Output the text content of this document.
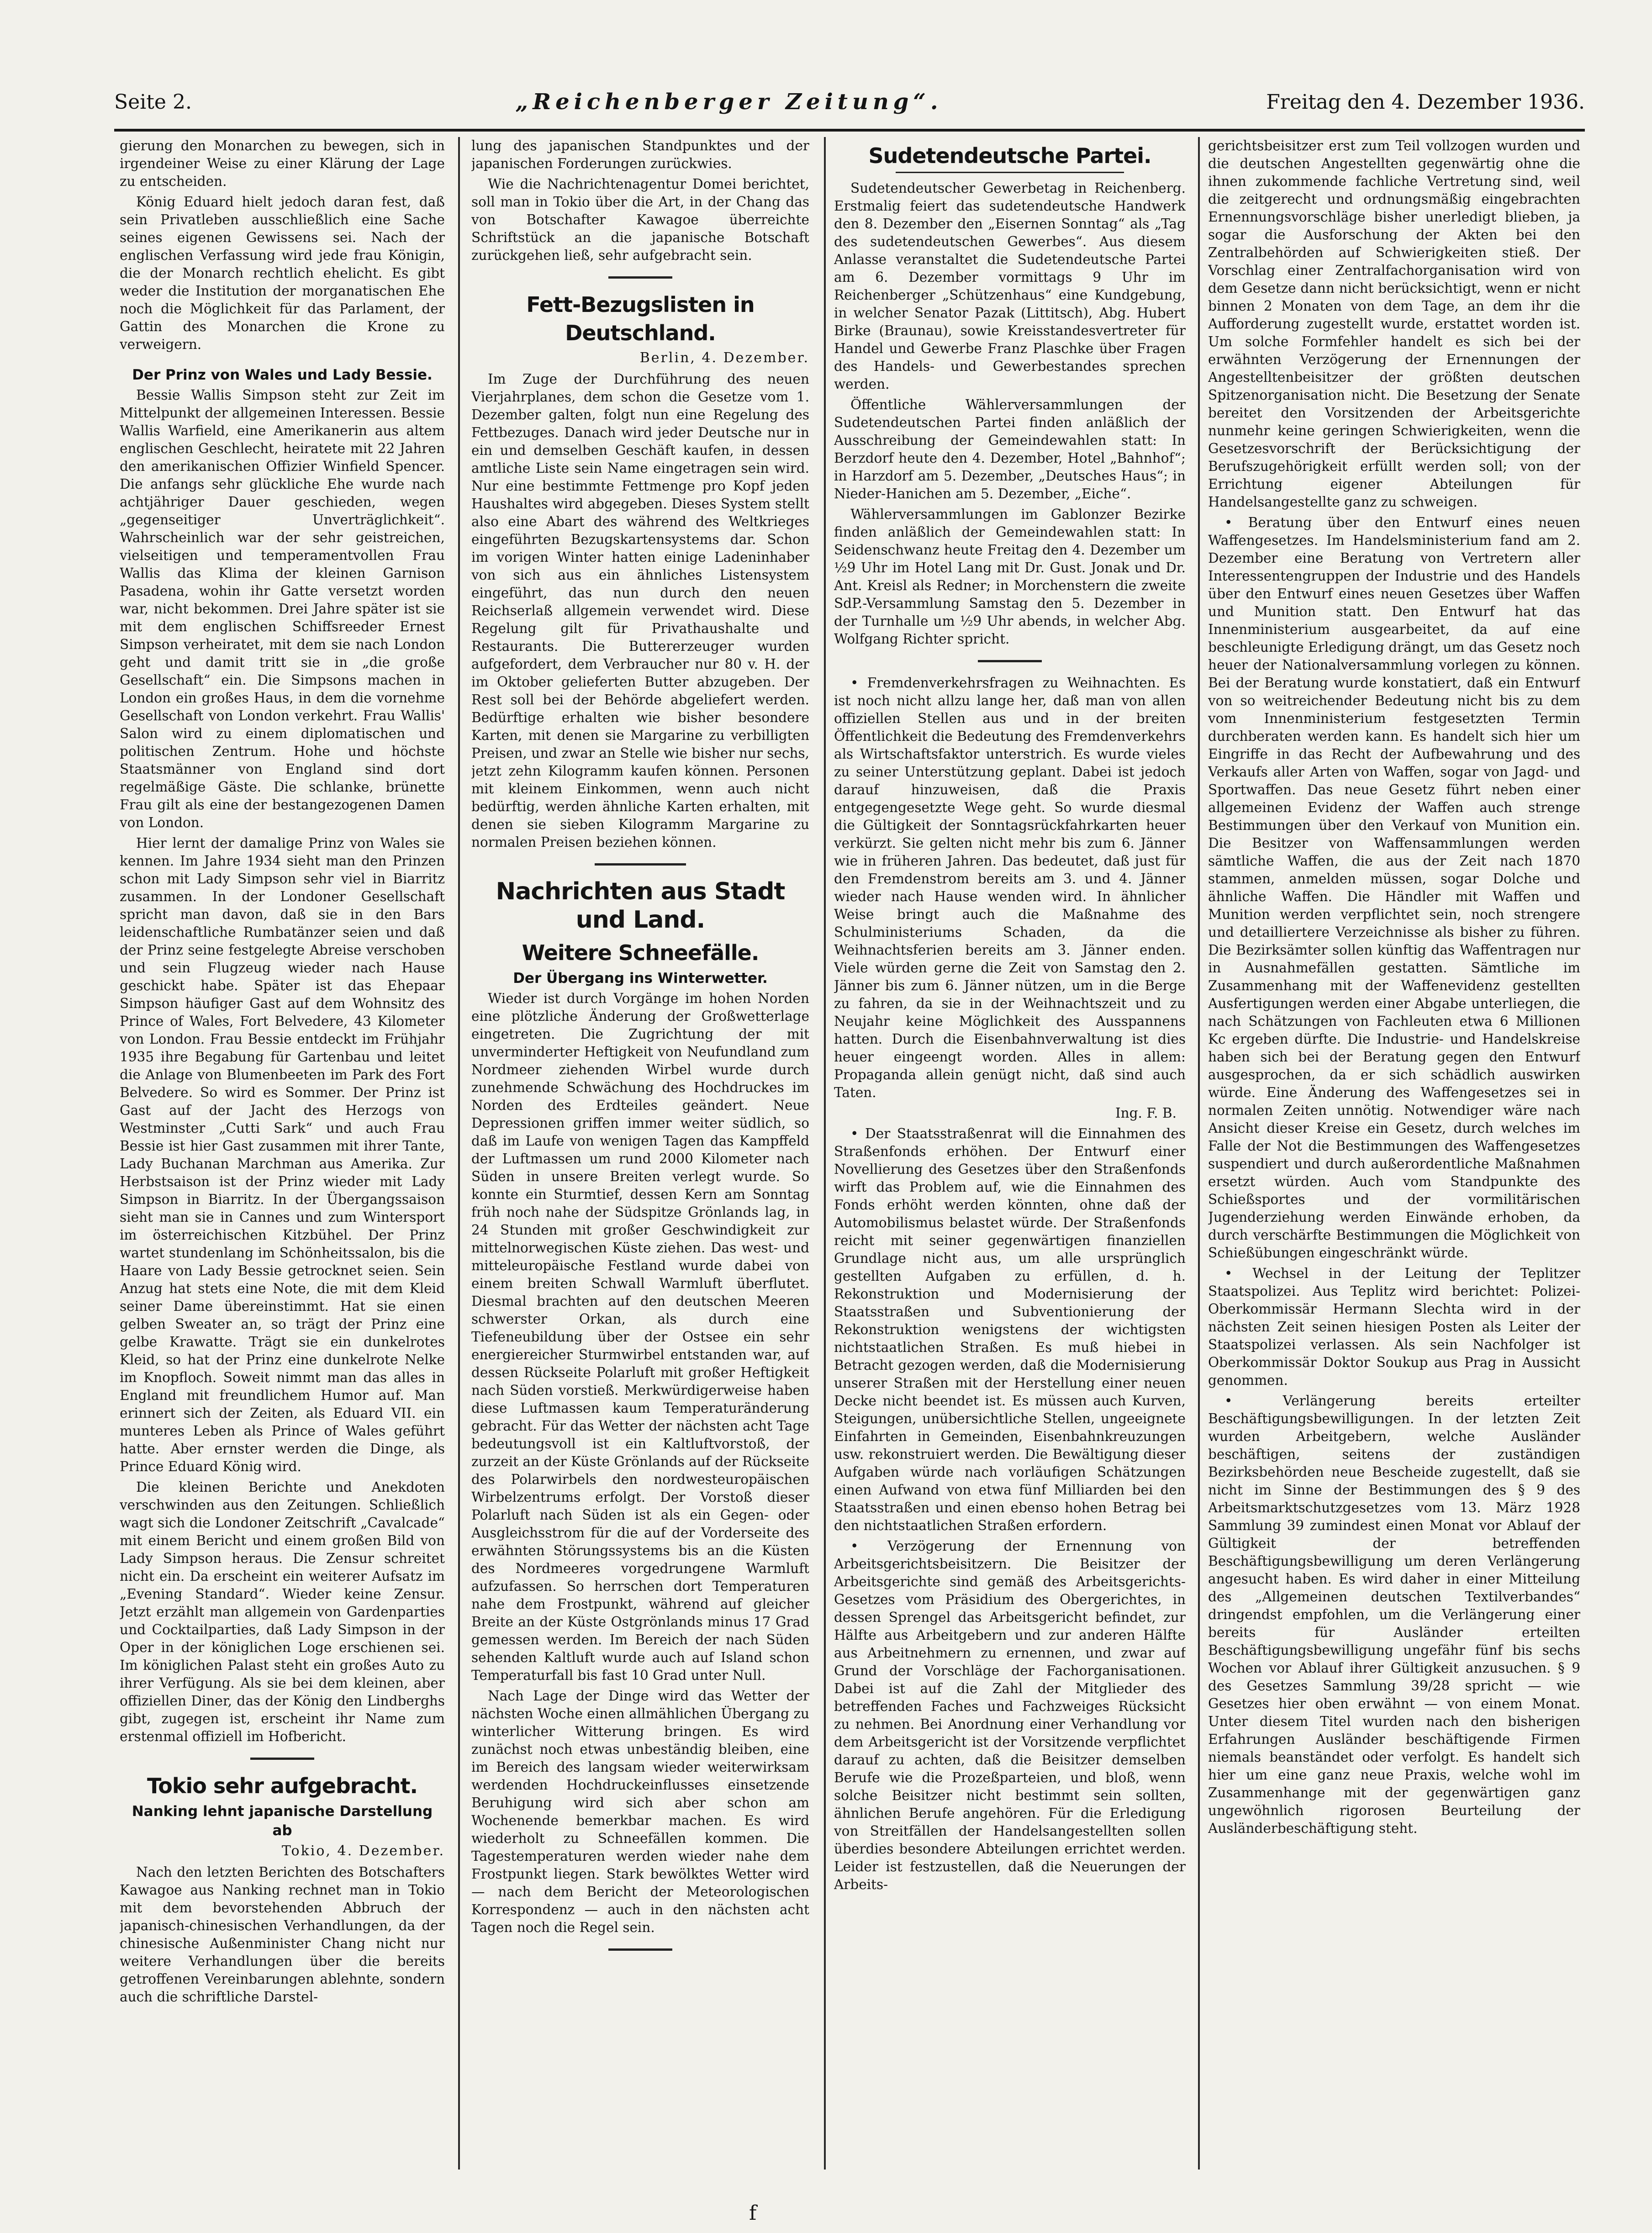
Seite 2.	„Reichenberger Zeitung“.	Freitag den 4. Dezember 1936.

gierung den Monarchen zu bewegen, sich in irgendeiner Weise zu einer Klärung der Lage zu entscheiden.

König Eduard hielt jedoch daran fest, daß sein Privatleben ausschließlich eine Sache seines eigenen Gewissens sei. Nach der englischen Verfassung wird jede frau Königin, die der Monarch rechtlich ehelicht. Es gibt weder die Institution der morganatischen Ehe noch die Möglichkeit für das Parlament, der Gattin des Monarchen die Krone zu verweigern.

Der Prinz von Wales und Lady Bessie.

Bessie Wallis Simpson steht zur Zeit im Mittelpunkt der allgemeinen Interessen. Bessie Wallis Warfield, eine Amerikanerin aus altem englischen Geschlecht, heiratete mit 22 Jahren den amerikanischen Offizier Winfield Spencer. Die anfangs sehr glückliche Ehe wurde nach achtjähriger Dauer geschieden, wegen „gegenseitiger Unverträglichkeit“. Wahrscheinlich war der sehr geistreichen, vielseitigen und temperamentvollen Frau Wallis das Klima der kleinen Garnison Pasadena, wohin ihr Gatte versetzt worden war, nicht bekommen. Drei Jahre später ist sie mit dem englischen Schiffsreeder Ernest Simpson verheiratet, mit dem sie nach London geht und damit tritt sie in „die große Gesellschaft“ ein. Die Simpsons machen in London ein großes Haus, in dem die vornehme Gesellschaft von London verkehrt. Frau Wallis' Salon wird zu einem diplomatischen und politischen Zentrum. Hohe und höchste Staatsmänner von England sind dort regelmäßige Gäste. Die schlanke, brünette Frau gilt als eine der bestangezogenen Damen von London.

Hier lernt der damalige Prinz von Wales sie kennen. Im Jahre 1934 sieht man den Prinzen schon mit Lady Simpson sehr viel in Biarritz zusammen. In der Londoner Gesellschaft spricht man davon, daß sie in den Bars leidenschaftliche Rumbatänzer seien und daß der Prinz seine festgelegte Abreise verschoben und sein Flugzeug wieder nach Hause geschickt habe. Später ist das Ehepaar Simpson häufiger Gast auf dem Wohnsitz des Prince of Wales, Fort Belvedere, 43 Kilometer von London. Frau Bessie entdeckt im Frühjahr 1935 ihre Begabung für Gartenbau und leitet die Anlage von Blumenbeeten im Park des Fort Belvedere. So wird es Sommer. Der Prinz ist Gast auf der Jacht des Herzogs von Westminster „Cutti Sark“ und auch Frau Bessie ist hier Gast zusammen mit ihrer Tante, Lady Buchanan Marchman aus Amerika. Zur Herbstsaison ist der Prinz wieder mit Lady Simpson in Biarritz. In der Übergangssaison sieht man sie in Cannes und zum Wintersport im österreichischen Kitzbühel. Der Prinz wartet stundenlang im Schönheitssalon, bis die Haare von Lady Bessie getrocknet seien. Sein Anzug hat stets eine Note, die mit dem Kleid seiner Dame übereinstimmt. Hat sie einen gelben Sweater an, so trägt der Prinz eine gelbe Krawatte. Trägt sie ein dunkelrotes Kleid, so hat der Prinz eine dunkelrote Nelke im Knopfloch. Soweit nimmt man das alles in England mit freundlichem Humor auf. Man erinnert sich der Zeiten, als Eduard VII. ein munteres Leben als Prince of Wales geführt hatte. Aber ernster werden die Dinge, als Prince Eduard König wird.

Die kleinen Berichte und Anekdoten verschwinden aus den Zeitungen. Schließlich wagt sich die Londoner Zeitschrift „Cavalcade“ mit einem Bericht und einem großen Bild von Lady Simpson heraus. Die Zensur schreitet nicht ein. Da erscheint ein weiterer Aufsatz im „Evening Standard“. Wieder keine Zensur. Jetzt erzählt man allgemein von Gardenparties und Cocktailparties, daß Lady Simpson in der Oper in der königlichen Loge erschienen sei. Im königlichen Palast steht ein großes Auto zu ihrer Verfügung. Als sie bei dem kleinen, aber offiziellen Diner, das der König den Lindberghs gibt, zugegen ist, erscheint ihr Name zum erstenmal offiziell im Hofbericht.

Tokio sehr aufgebracht.
Nanking lehnt japanische Darstellung ab
Tokio, 4. Dezember.

Nach den letzten Berichten des Botschafters Kawagoe aus Nanking rechnet man in Tokio mit dem bevorstehenden Abbruch der japanisch-chinesischen Verhandlungen, da der chinesische Außenminister Chang nicht nur weitere Verhandlungen über die bereits getroffenen Vereinbarungen ablehnte, sondern auch die schriftliche Darstel-

lung des japanischen Standpunktes und der japanischen Forderungen zurückwies.

Wie die Nachrichtenagentur Domei berichtet, soll man in Tokio über die Art, in der Chang das von Botschafter Kawagoe überreichte Schriftstück an die japanische Botschaft zurückgehen ließ, sehr aufgebracht sein.

Fett-Bezugslisten in Deutschland.
Berlin, 4. Dezember.

Im Zuge der Durchführung des neuen Vierjahrplanes, dem schon die Gesetze vom 1. Dezember galten, folgt nun eine Regelung des Fettbezuges. Danach wird jeder Deutsche nur in ein und demselben Geschäft kaufen, in dessen amtliche Liste sein Name eingetragen sein wird. Nur eine bestimmte Fettmenge pro Kopf jeden Haushaltes wird abgegeben. Dieses System stellt also eine Abart des während des Weltkrieges eingeführten Bezugskartensystems dar. Schon im vorigen Winter hatten einige Ladeninhaber von sich aus ein ähnliches Listensystem eingeführt, das nun durch den neuen Reichserlaß allgemein verwendet wird. Diese Regelung gilt für Privathaushalte und Restaurants. Die Buttererzeuger wurden aufgefordert, dem Verbraucher nur 80 v. H. der im Oktober gelieferten Butter abzugeben. Der Rest soll bei der Behörde abgeliefert werden. Bedürftige erhalten wie bisher besondere Karten, mit denen sie Margarine zu verbilligten Preisen, und zwar an Stelle wie bisher nur sechs, jetzt zehn Kilogramm kaufen können. Personen mit kleinem Einkommen, wenn auch nicht bedürftig, werden ähnliche Karten erhalten, mit denen sie sieben Kilogramm Margarine zu normalen Preisen beziehen können.

Nachrichten aus Stadt und Land.
Weitere Schneefälle.
Der Übergang ins Winterwetter.

Wieder ist durch Vorgänge im hohen Norden eine plötzliche Änderung der Großwetterlage eingetreten. Die Zugrichtung der mit unverminderter Heftigkeit von Neufundland zum Nordmeer ziehenden Wirbel wurde durch zunehmende Schwächung des Hochdruckes im Norden des Erdteiles geändert. Neue Depressionen griffen immer weiter südlich, so daß im Laufe von wenigen Tagen das Kampffeld der Luftmassen um rund 2000 Kilometer nach Süden in unsere Breiten verlegt wurde. So konnte ein Sturmtief, dessen Kern am Sonntag früh noch nahe der Südspitze Grönlands lag, in 24 Stunden mit großer Geschwindigkeit zur mittelnorwegischen Küste ziehen. Das west- und mitteleuropäische Festland wurde dabei von einem breiten Schwall Warmluft überflutet. Diesmal brachten auf den deutschen Meeren schwerster Orkan, als durch eine Tiefeneubildung über der Ostsee ein sehr energiereicher Sturmwirbel entstanden war, auf dessen Rückseite Polarluft mit großer Heftigkeit nach Süden vorstieß. Merkwürdigerweise haben diese Luftmassen kaum Temperaturänderung gebracht. Für das Wetter der nächsten acht Tage bedeutungsvoll ist ein Kaltluftvorstoß, der zurzeit an der Küste Grönlands auf der Rückseite des Polarwirbels den nordwesteuropäischen Wirbelzentrums erfolgt. Der Vorstoß dieser Polarluft nach Süden ist als ein Gegen- oder Ausgleichsstrom für die auf der Vorderseite des erwähnten Störungssystems bis an die Küsten des Nordmeeres vorgedrungene Warmluft aufzufassen. So herrschen dort Temperaturen nahe dem Frostpunkt, während auf gleicher Breite an der Küste Ostgrönlands minus 17 Grad gemessen werden. Im Bereich der nach Süden sehenden Kaltluft wurde auch auf Island schon Temperaturfall bis fast 10 Grad unter Null.

Nach Lage der Dinge wird das Wetter der nächsten Woche einen allmählichen Übergang zu winterlicher Witterung bringen. Es wird zunächst noch etwas unbeständig bleiben, eine im Bereich des langsam wieder weiterwirksam werdenden Hochdruckeinflusses einsetzende Beruhigung wird sich aber schon am Wochenende bemerkbar machen. Es wird wiederholt zu Schneefällen kommen. Die Tagestemperaturen werden wieder nahe dem Frostpunkt liegen. Stark bewölktes Wetter wird — nach dem Bericht der Meteorologischen Korrespondenz — auch in den nächsten acht Tagen noch die Regel sein.

Sudetendeutsche Partei.

Sudetendeutscher Gewerbetag in Reichenberg. Erstmalig feiert das sudetendeutsche Handwerk den 8. Dezember den „Eisernen Sonntag“ als „Tag des sudetendeutschen Gewerbes“. Aus diesem Anlasse veranstaltet die Sudetendeutsche Partei am 6. Dezember vormittags 9 Uhr im Reichenberger „Schützenhaus“ eine Kundgebung, in welcher Senator Pazak (Littitsch), Abg. Hubert Birke (Braunau), sowie Kreisstandesvertreter für Handel und Gewerbe Franz Plaschke über Fragen des Handels- und Gewerbestandes sprechen werden.

Öffentliche Wählerversammlungen der Sudetendeutschen Partei finden anläßlich der Ausschreibung der Gemeindewahlen statt: In Berzdorf heute den 4. Dezember, Hotel „Bahnhof“; in Harzdorf am 5. Dezember, „Deutsches Haus“; in Nieder-Hanichen am 5. Dezember, „Eiche“.

Wählerversammlungen im Gablonzer Bezirke finden anläßlich der Gemeindewahlen statt: In Seidenschwanz heute Freitag den 4. Dezember um ½9 Uhr im Hotel Lang mit Dr. Gust. Jonak und Dr. Ant. Kreisl als Redner; in Morchenstern die zweite SdP.-Versammlung Samstag den 5. Dezember in der Turnhalle um ½9 Uhr abends, in welcher Abg. Wolfgang Richter spricht.

• Fremdenverkehrsfragen zu Weihnachten. Es ist noch nicht allzu lange her, daß man von allen offiziellen Stellen aus und in der breiten Öffentlichkeit die Bedeutung des Fremdenverkehrs als Wirtschaftsfaktor unterstrich. Es wurde vieles zu seiner Unterstützung geplant. Dabei ist jedoch darauf hinzuweisen, daß die Praxis entgegengesetzte Wege geht. So wurde diesmal die Gültigkeit der Sonntagsrückfahrkarten heuer verkürzt. Sie gelten nicht mehr bis zum 6. Jänner wie in früheren Jahren. Das bedeutet, daß just für den Fremdenstrom bereits am 3. und 4. Jänner wieder nach Hause wenden wird. In ähnlicher Weise bringt auch die Maßnahme des Schulministeriums Schaden, da die Weihnachtsferien bereits am 3. Jänner enden. Viele würden gerne die Zeit von Samstag den 2. Jänner bis zum 6. Jänner nützen, um in die Berge zu fahren, da sie in der Weihnachtszeit und zu Neujahr keine Möglichkeit des Ausspannens hatten. Durch die Eisenbahnverwaltung ist dies heuer eingeengt worden. Alles in allem: Propaganda allein genügt nicht, daß sind auch Taten.

Ing. F. B.

• Der Staatsstraßenrat will die Einnahmen des Straßenfonds erhöhen. Der Entwurf einer Novellierung des Gesetzes über den Straßenfonds wirft das Problem auf, wie die Einnahmen des Fonds erhöht werden könnten, ohne daß der Automobilismus belastet würde. Der Straßenfonds reicht mit seiner gegenwärtigen finanziellen Grundlage nicht aus, um alle ursprünglich gestellten Aufgaben zu erfüllen, d. h. Rekonstruktion und Modernisierung der Staatsstraßen und Subventionierung der Rekonstruktion wenigstens der wichtigsten nichtstaatlichen Straßen. Es muß hiebei in Betracht gezogen werden, daß die Modernisierung unserer Straßen mit der Herstellung einer neuen Decke nicht beendet ist. Es müssen auch Kurven, Steigungen, unübersichtliche Stellen, ungeeignete Einfahrten in Gemeinden, Eisenbahnkreuzungen usw. rekonstruiert werden. Die Bewältigung dieser Aufgaben würde nach vorläufigen Schätzungen einen Aufwand von etwa fünf Milliarden bei den Staatsstraßen und einen ebenso hohen Betrag bei den nichtstaatlichen Straßen erfordern.

• Verzögerung der Ernennung von Arbeitsgerichtsbeisitzern. Die Beisitzer der Arbeitsgerichte sind gemäß des Arbeitsgerichts-Gesetzes vom Präsidium des Obergerichtes, in dessen Sprengel das Arbeitsgericht befindet, zur Hälfte aus Arbeitgebern und zur anderen Hälfte aus Arbeitnehmern zu ernennen, und zwar auf Grund der Vorschläge der Fachorganisationen. Dabei ist auf die Zahl der Mitglieder des betreffenden Faches und Fachzweiges Rücksicht zu nehmen. Bei Anordnung einer Verhandlung vor dem Arbeitsgericht ist der Vorsitzende verpflichtet darauf zu achten, daß die Beisitzer demselben Berufe wie die Prozeßparteien, und bloß, wenn solche Beisitzer nicht bestimmt sein sollten, ähnlichen Berufe angehören. Für die Erledigung von Streitfällen der Handelsangestellten sollen überdies besondere Abteilungen errichtet werden. Leider ist festzustellen, daß die Neuerungen der Arbeits-

gerichtsbeisitzer erst zum Teil vollzogen wurden und die deutschen Angestellten gegenwärtig ohne die ihnen zukommende fachliche Vertretung sind, weil die zeitgerecht und ordnungsmäßig eingebrachten Ernennungsvorschläge bisher unerledigt blieben, ja sogar die Ausforschung der Akten bei den Zentralbehörden auf Schwierigkeiten stieß. Der Vorschlag einer Zentralfachorganisation wird von dem Gesetze dann nicht berücksichtigt, wenn er nicht binnen 2 Monaten von dem Tage, an dem ihr die Aufforderung zugestellt wurde, erstattet worden ist. Um solche Formfehler handelt es sich bei der erwähnten Verzögerung der Ernennungen der Angestelltenbeisitzer der größten deutschen Spitzenorganisation nicht. Die Besetzung der Senate bereitet den Vorsitzenden der Arbeitsgerichte nunmehr keine geringen Schwierigkeiten, wenn die Gesetzesvorschrift der Berücksichtigung der Berufszugehörigkeit erfüllt werden soll; von der Errichtung eigener Abteilungen für Handelsangestellte ganz zu schweigen.

• Beratung über den Entwurf eines neuen Waffengesetzes. Im Handelsministerium fand am 2. Dezember eine Beratung von Vertretern aller Interessentengruppen der Industrie und des Handels über den Entwurf eines neuen Gesetzes über Waffen und Munition statt. Den Entwurf hat das Innenministerium ausgearbeitet, da auf eine beschleunigte Erledigung drängt, um das Gesetz noch heuer der Nationalversammlung vorlegen zu können. Bei der Beratung wurde konstatiert, daß ein Entwurf von so weitreichender Bedeutung nicht bis zu dem vom Innenministerium festgesetzten Termin durchberaten werden kann. Es handelt sich hier um Eingriffe in das Recht der Aufbewahrung und des Verkaufs aller Arten von Waffen, sogar von Jagd- und Sportwaffen. Das neue Gesetz führt neben einer allgemeinen Evidenz der Waffen auch strenge Bestimmungen über den Verkauf von Munition ein. Die Besitzer von Waffensammlungen werden sämtliche Waffen, die aus der Zeit nach 1870 stammen, anmelden müssen, sogar Dolche und ähnliche Waffen. Die Händler mit Waffen und Munition werden verpflichtet sein, noch strengere und detailliertere Verzeichnisse als bisher zu führen. Die Bezirksämter sollen künftig das Waffentragen nur in Ausnahmefällen gestatten. Sämtliche im Zusammenhang mit der Waffenevidenz gestellten Ausfertigungen werden einer Abgabe unterliegen, die nach Schätzungen von Fachleuten etwa 6 Millionen Kc ergeben dürfte. Die Industrie- und Handelskreise haben sich bei der Beratung gegen den Entwurf ausgesprochen, da er sich schädlich auswirken würde. Eine Änderung des Waffengesetzes sei in normalen Zeiten unnötig. Notwendiger wäre nach Ansicht dieser Kreise ein Gesetz, durch welches im Falle der Not die Bestimmungen des Waffengesetzes suspendiert und durch außerordentliche Maßnahmen ersetzt würden. Auch vom Standpunkte des Schießsportes und der vormilitärischen Jugenderziehung werden Einwände erhoben, da durch verschärfte Bestimmungen die Möglichkeit von Schießübungen eingeschränkt würde.

• Wechsel in der Leitung der Teplitzer Staatspolizei. Aus Teplitz wird berichtet: Polizei-Oberkommissär Hermann Slechta wird in der nächsten Zeit seinen hiesigen Posten als Leiter der Staatspolizei verlassen. Als sein Nachfolger ist Oberkommissär Doktor Soukup aus Prag in Aussicht genommen.

• Verlängerung bereits erteilter Beschäftigungsbewilligungen. In der letzten Zeit wurden Arbeitgebern, welche Ausländer beschäftigen, seitens der zuständigen Bezirksbehörden neue Bescheide zugestellt, daß sie nicht im Sinne der Bestimmungen des § 9 des Arbeitsmarktschutzgesetzes vom 13. März 1928 Sammlung 39 zumindest einen Monat vor Ablauf der Gültigkeit der betreffenden Beschäftigungsbewilligung um deren Verlängerung angesucht haben. Es wird daher in einer Mitteilung des „Allgemeinen deutschen Textilverbandes“ dringendst empfohlen, um die Verlängerung einer bereits für Ausländer erteilten Beschäftigungsbewilligung ungefähr fünf bis sechs Wochen vor Ablauf ihrer Gültigkeit anzusuchen. § 9 des Gesetzes Sammlung 39/28 spricht — wie Gesetzes hier oben erwähnt — von einem Monat. Unter diesem Titel wurden nach den bisherigen Erfahrungen Ausländer beschäftigende Firmen niemals beanständet oder verfolgt. Es handelt sich hier um eine ganz neue Praxis, welche wohl im Zusammenhange mit der gegenwärtigen ganz ungewöhnlich rigorosen Beurteilung der Ausländerbeschäftigung steht.

f
